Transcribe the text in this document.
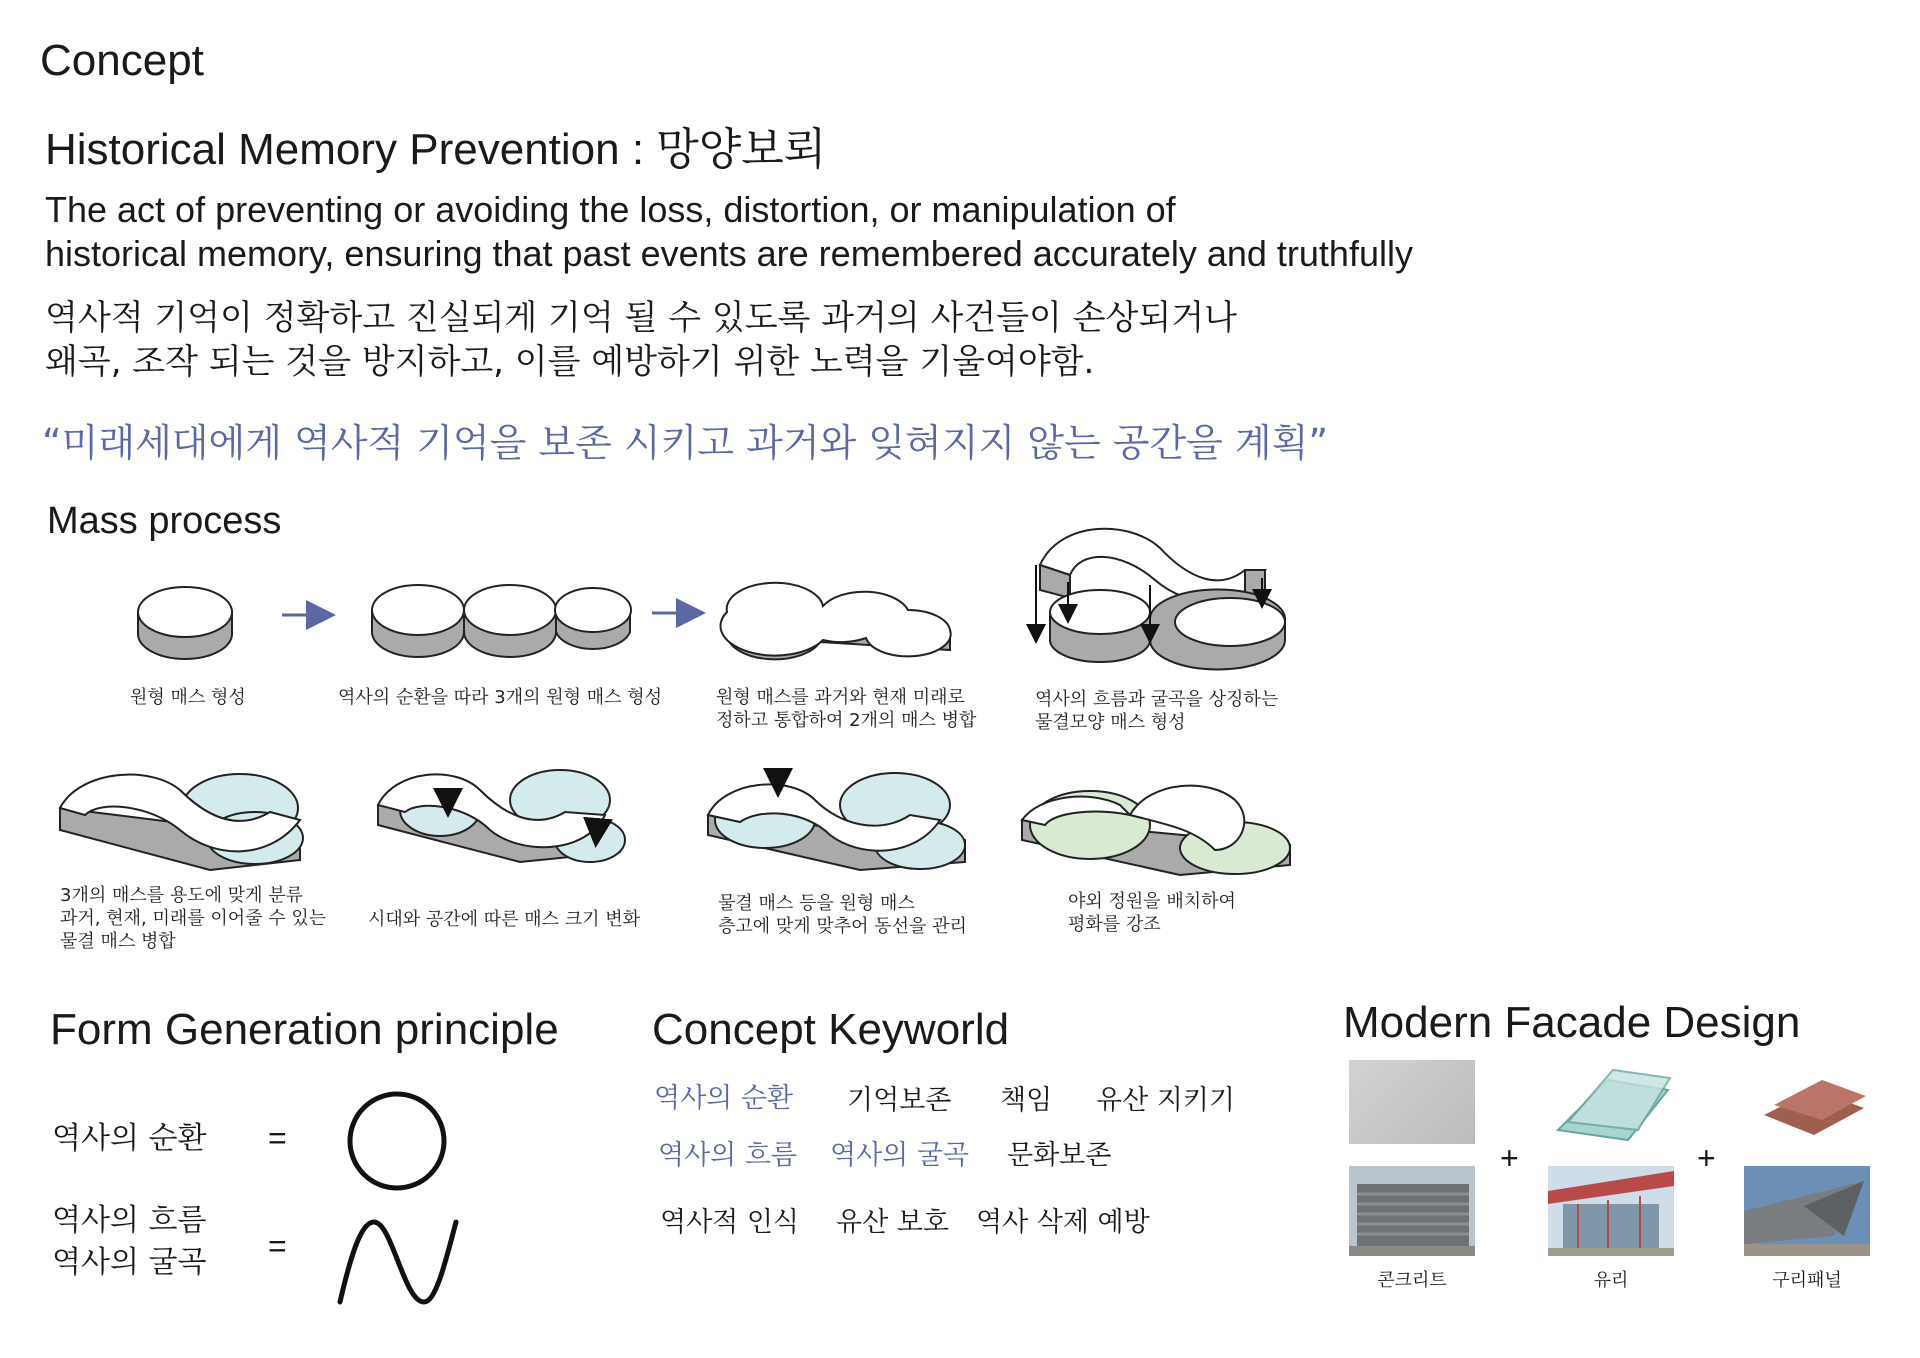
Concept
Historical Memory Prevention : 망양보뢰
The act of preventing or avoiding the loss, distortion, or manipulation of
historical memory, ensuring that past events are remembered accurately and truthfully
역사적 기억이 정확하고 진실되게 기억 될 수 있도록 과거의 사건들이 손상되거나
왜곡, 조작 되는 것을 방지하고, 이를 예방하기 위한 노력을 기울여야함.
“미래세대에게 역사적 기억을 보존 시키고 과거와 잊혀지지 않는 공간을 계획”
Mass process
원형 매스 형성	역사의 순환을 따라 3개의 원형 매스 형성	원형 매스를 과거와 현재 미래로
정하고 통합하여 2개의 매스 병합
역사의 흐름과 굴곡을 상징하는
물결모양 매스 형성
3개의 매스를 용도에 맞게 분류
과거, 현재, 미래를 이어줄 수 있는
물결 매스 병합
시대와 공간에 따른 매스 크기 변화
물결 매스 등을 원형 매스
층고에 맞게 맞추어 동선을 관리
야외 정원을 배치하여
평화를 강조
Form Generation principle
역사의 순환 =
역사의 흐름
역사의 굴곡 =
Concept Keyworld
역사의 순환 기억보존 책임 유산 지키기
역사의 흐름 역사의 굴곡 문화보존
역사적 인식 유산 보호 역사 삭제 예방
Modern Facade Design
콘크리트
+
유리
+
구리패널
